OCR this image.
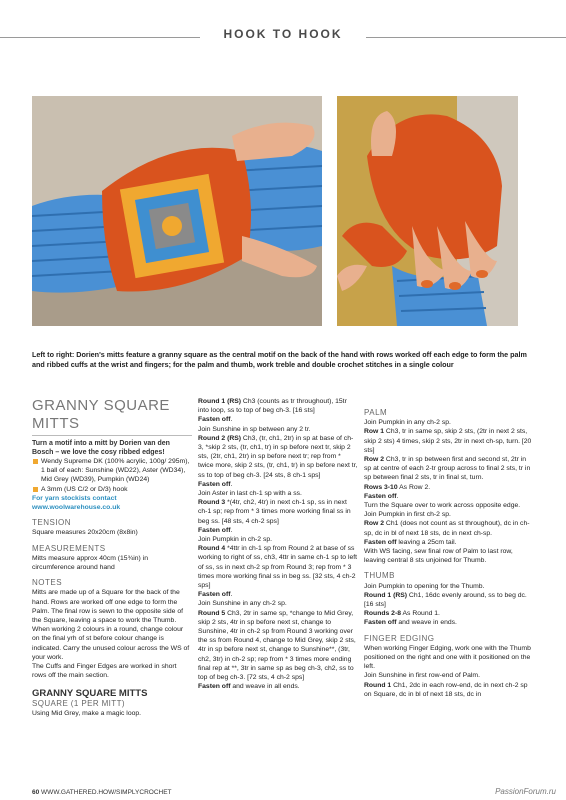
HOOK TO HOOK
Left to right: Dorien's mitts feature a granny square as the central motif on the back of the hand with rows worked off each edge to form the palm and ribbed cuffs at the wrist and fingers; for the palm and thumb, work treble and double crochet stitches in a single colour
GRANNY SQUARE MITTS

Turn a motif into a mitt by Dorien van den Bosch – we love the cosy ribbed edges!

Wendy Supreme DK (100% acrylic, 100g/ 295m), 1 ball of each: Sunshine (WD22), Aster (WD34), Mid Grey (WD39), Pumpkin (WD24)

A 3mm (US C/2 or D/3) hook

For yarn stockists contact

www.woolwarehouse.co.uk

TENSION

Square measures 20x20cm (8x8in)

MEASUREMENTS

Mitts measure approx 40cm (15¾in) in circumference around hand

NOTES

Mitts are made up of a Square for the back of the hand. Rows are worked off one edge to form the Palm. The final row is sewn to the opposite side of the Square, leaving a space to work the Thumb.

When working 2 colours in a round, change colour on the final yrh of st before colour change is indicated. Carry the unused colour across the WS of your work.

The Cuffs and Finger Edges are worked in short rows off the main section.

GRANNY SQUARE MITTS
SQUARE (1 PER MITT)

Using Mid Grey, make a magic loop.

Round 1 (RS) Ch3 (counts as tr throughout), 15tr into loop, ss to top of beg ch-3. [16 sts]

Fasten off.

Join Sunshine in sp between any 2 tr.

Round 2 (RS) Ch3, (tr, ch1, 2tr) in sp at base of ch-3, *skip 2 sts, (tr, ch1, tr) in sp before next tr, skip 2 sts, (2tr, ch1, 2tr) in sp before next tr; rep from * twice more, skip 2 sts, (tr, ch1, tr) in sp before next tr, ss to top of beg ch-3. [24 sts, 8 ch-1 sps]

Fasten off.

Join Aster in last ch-1 sp with a ss.

Round 3 *(4tr, ch2, 4tr) in next ch-1 sp, ss in next ch-1 sp; rep from * 3 times more working final ss in beg ss. [48 sts, 4 ch-2 sps]

Fasten off.

Join Pumpkin in ch-2 sp.

Round 4 *4ttr in ch-1 sp from Round 2 at base of ss working to right of ss, ch3, 4ttr in same ch-1 sp to left of ss, ss in next ch-2 sp from Round 3; rep from * 3 times more working final ss in beg ss. [32 sts, 4 ch-2 sps]

Fasten off.

Join Sunshine in any ch-2 sp.

Round 5 Ch3, 2tr in same sp, *change to Mid Grey, skip 2 sts, 4tr in sp before next st, change to Sunshine, 4tr in ch-2 sp from Round 3 working over the ss from Round 4, change to Mid Grey, skip 2 sts, 4tr in sp before next st, change to Sunshine**, (3tr, ch2, 3tr) in ch-2 sp; rep from * 3 times more ending final rep at **, 3tr in same sp as beg ch-3, ch2, ss to top of beg ch-3. [72 sts, 4 ch-2 sps]

Fasten off and weave in all ends.

PALM

Join Pumpkin in any ch-2 sp.

Row 1 Ch3, tr in same sp, skip 2 sts, (2tr in next 2 sts, skip 2 sts) 4 times, skip 2 sts, 2tr in next ch-sp, turn. [20 sts]

Row 2 Ch3, tr in sp between first and second st, 2tr in sp at centre of each 2-tr group across to final 2 sts, tr in sp between final 2 sts, tr in final st, turn.

Rows 3-10 As Row 2.

Fasten off.

Turn the Square over to work across opposite edge. Join Pumpkin in first ch-2 sp.

Row 2 Ch1 (does not count as st throughout), dc in ch-sp, dc in bl of next 18 sts, dc in next ch-sp.

Fasten off leaving a 25cm tail.

With WS facing, sew final row of Palm to last row, leaving central 8 sts unjoined for Thumb.

THUMB

Join Pumpkin to opening for the Thumb.

Round 1 (RS) Ch1, 16dc evenly around, ss to beg dc. [16 sts]

Rounds 2-8 As Round 1.

Fasten off and weave in ends.

FINGER EDGING

When working Finger Edging, work one with the Thumb positioned on the right and one with it positioned on the left.

Join Sunshine in first row-end of Palm.

Round 1 Ch1, 2dc in each row-end, dc in next ch-2 sp on Square, dc in bl of next 18 sts, dc in

60 WWW.GATHERED.HOW/SIMPLYCROCHET	PassionForum.ru
